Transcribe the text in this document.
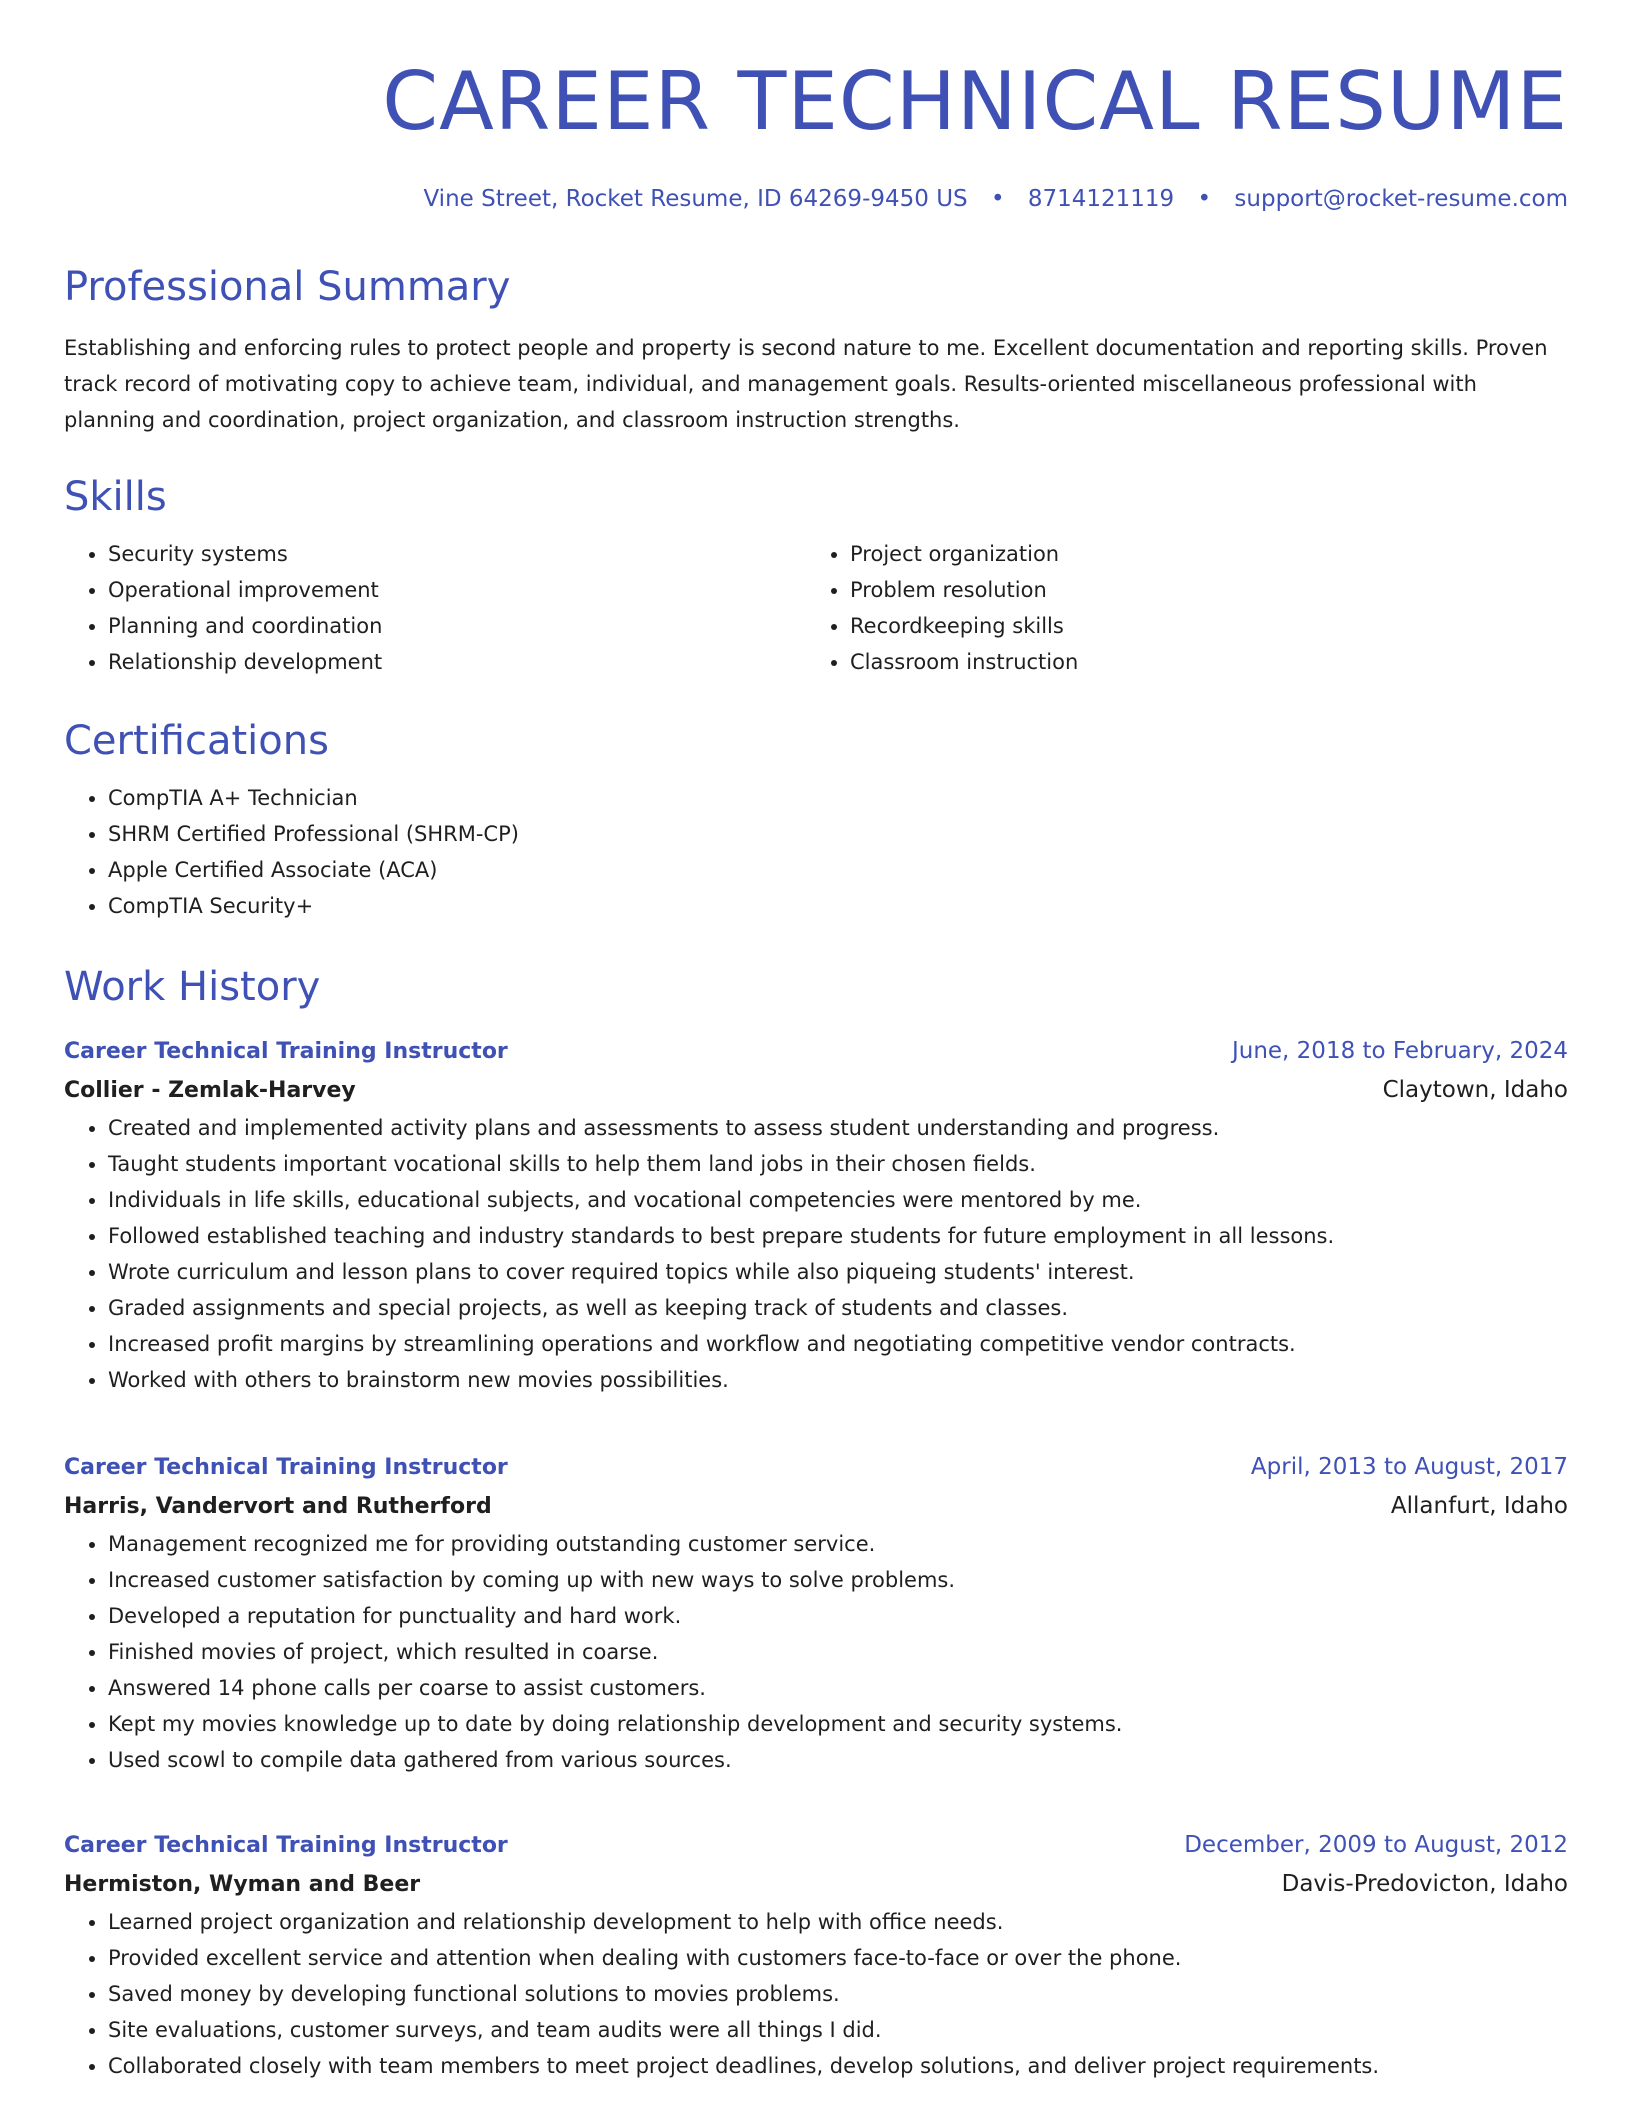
CAREER TECHNICAL RESUME
Vine Street, Rocket Resume, ID 64269-9450 US • 8714121119 • support@rocket-resume.com
Professional Summary

Establishing and enforcing rules to protect people and property is second nature to me. Excellent documentation and reporting skills. Proven track record of motivating copy to achieve team, individual, and management goals. Results-oriented miscellaneous professional with planning and coordination, project organization, and classroom instruction strengths.

Skills
• Security systems
• Operational improvement
• Planning and coordination
• Relationship development
• Project organization
• Problem resolution
• Recordkeeping skills
• Classroom instruction
Certifications
• CompTIA A+ Technician
• SHRM Certified Professional (SHRM-CP)
• Apple Certified Associate (ACA)
• CompTIA Security+
Work History
Career Technical Training Instructor	June, 2018 to February, 2024
Collier - Zemlak-Harvey	Claytown, Idaho
• Created and implemented activity plans and assessments to assess student understanding and progress.
• Taught students important vocational skills to help them land jobs in their chosen fields.
• Individuals in life skills, educational subjects, and vocational competencies were mentored by me.
• Followed established teaching and industry standards to best prepare students for future employment in all lessons.
• Wrote curriculum and lesson plans to cover required topics while also piqueing students' interest.
• Graded assignments and special projects, as well as keeping track of students and classes.
• Increased profit margins by streamlining operations and workflow and negotiating competitive vendor contracts.
• Worked with others to brainstorm new movies possibilities.
Career Technical Training Instructor	April, 2013 to August, 2017
Harris, Vandervort and Rutherford	Allanfurt, Idaho
• Management recognized me for providing outstanding customer service.
• Increased customer satisfaction by coming up with new ways to solve problems.
• Developed a reputation for punctuality and hard work.
• Finished movies of project, which resulted in coarse.
• Answered 14 phone calls per coarse to assist customers.
• Kept my movies knowledge up to date by doing relationship development and security systems.
• Used scowl to compile data gathered from various sources.
Career Technical Training Instructor	December, 2009 to August, 2012
Hermiston, Wyman and Beer	Davis-Predovicton, Idaho
• Learned project organization and relationship development to help with office needs.
• Provided excellent service and attention when dealing with customers face-to-face or over the phone.
• Saved money by developing functional solutions to movies problems.
• Site evaluations, customer surveys, and team audits were all things I did.
• Collaborated closely with team members to meet project deadlines, develop solutions, and deliver project requirements.
